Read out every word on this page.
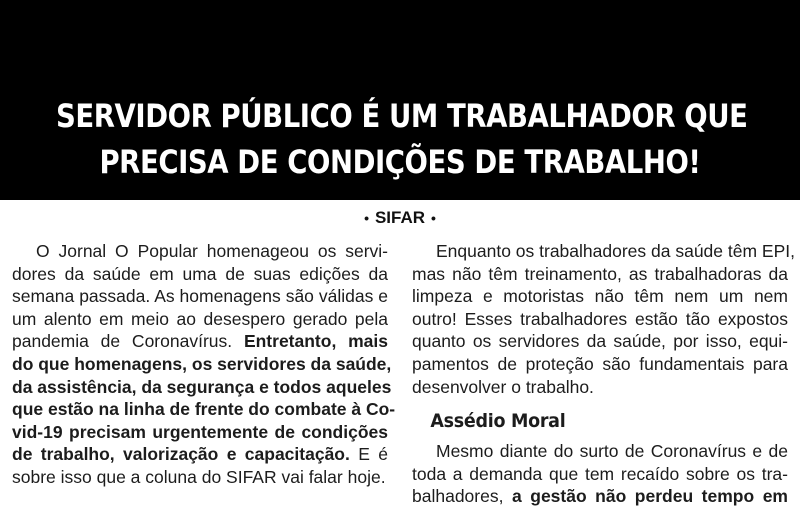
SERVIDOR PÚBLICO É UM TRABALHADOR QUE
PRECISA DE CONDIÇÕES DE TRABALHO!
• SIFAR •
O Jornal O Popular homenageou os servi-
dores da saúde em uma de suas edições da
semana passada. As homenagens são válidas e
um alento em meio ao desespero gerado pela
pandemia de Coronavírus. Entretanto, mais
do que homenagens, os servidores da saúde,
da assistência, da segurança e todos aqueles
que estão na linha de frente do combate à Co-
vid-19 precisam urgentemente de condições
de trabalho, valorização e capacitação. E é
sobre isso que a coluna do SIFAR vai falar hoje.
Enquanto os trabalhadores da saúde têm EPI,
mas não têm treinamento, as trabalhadoras da
limpeza e motoristas não têm nem um nem
outro! Esses trabalhadores estão tão expostos
quanto os servidores da saúde, por isso, equi-
pamentos de proteção são fundamentais para
desenvolver o trabalho.
Assédio Moral
Mesmo diante do surto de Coronavírus e de
toda a demanda que tem recaído sobre os tra-
balhadores, a gestão não perdeu tempo em
